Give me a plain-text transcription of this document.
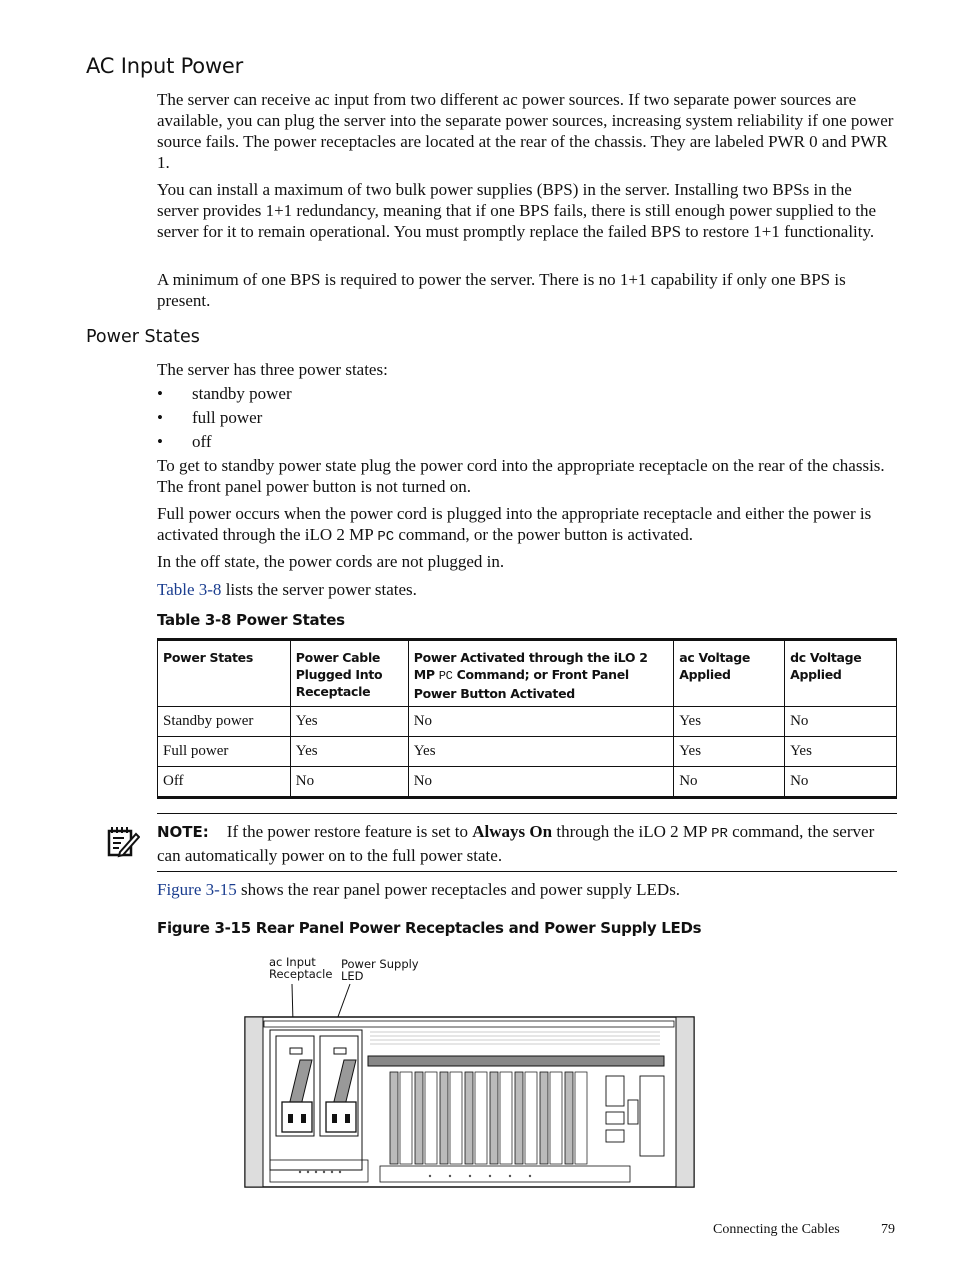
AC Input Power

The server can receive ac input from two different ac power sources. If two separate power sources are available, you can plug the server into the separate power sources, increasing system reliability if one power source fails. The power receptacles are located at the rear of the chassis. They are labeled PWR 0 and PWR 1.

You can install a maximum of two bulk power supplies (BPS) in the server. Installing two BPSs in the server provides 1+1 redundancy, meaning that if one BPS fails, there is still enough power supplied to the server for it to remain operational. You must promptly replace the failed BPS to restore 1+1 functionality.

A minimum of one BPS is required to power the server. There is no 1+1 capability if only one BPS is present.

Power States

The server has three power states:

• standby power
• full power
• off

To get to standby power state plug the power cord into the appropriate receptacle on the rear of the chassis. The front panel power button is not turned on.

Full power occurs when the power cord is plugged into the appropriate receptacle and either the power is activated through the iLO 2 MP PC command, or the power button is activated.

In the off state, the power cords are not plugged in.

Table 3-8 lists the server power states.

Table 3-8 Power States
Power States	Power Cable Plugged Into Receptacle	Power Activated through the iLO 2 MP PC Command; or Front Panel Power Button Activated	ac Voltage Applied	dc Voltage Applied
Standby power	Yes	No	Yes	No
Full power	Yes	Yes	Yes	Yes
Off	No	No	No	No
NOTE: If the power restore feature is set to Always On through the iLO 2 MP PR command, the server can automatically power on to the full power state.

Figure 3-15 shows the rear panel power receptacles and power supply LEDs.

Figure 3-15 Rear Panel Power Receptacles and Power Supply LEDs
ac Input
Receptacle
Power Supply
LED
Connecting the Cables	79
